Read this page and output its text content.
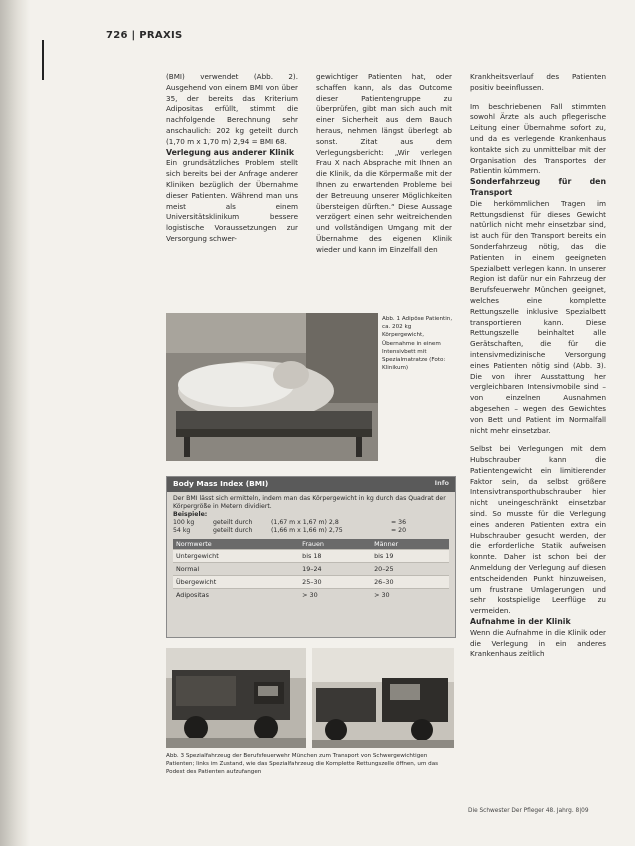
726 | PRAXIS

(BMI) verwendet (Abb. 2). Ausgehend von einem BMI von über 35, der bereits das Kriterium Adipositas erfüllt, stimmt die nachfolgende Berechnung sehr anschaulich: 202 kg geteilt durch (1,70 m x 1,70 m) 2,94 = BMI 68.

Verlegung aus anderer Klinik

Ein grundsätzliches Problem stellt sich bereits bei der Anfrage anderer Kliniken bezüglich der Übernahme dieser Patienten. Während man uns meist als einem Universitätsklinikum bessere logistische Voraussetzungen zur Versorgung schwer-

gewichtiger Patienten hat, oder schaffen kann, als das Outcome dieser Patientengruppe zu überprüfen, gibt man sich auch mit einer Sicherheit aus dem Bauch heraus, nehmen längst überlegt ab sonst. Zitat aus dem Verlegungsbericht: „Wir verlegen Frau X nach Absprache mit Ihnen an die Klinik, da die Körpermaße mit der Ihnen zu erwartenden Probleme bei der Betreuung unserer Möglichkeiten übersteigen dürften.“ Diese Aussage verzögert einen sehr weitreichenden und vollständigen Umgang mit der Übernahme des eigenen Klinik wieder und kann im Einzelfall den

Krankheitsverlauf des Patienten positiv beeinflussen.

Im beschriebenen Fall stimmten sowohl Ärzte als auch pflegerische Leitung einer Übernahme sofort zu, und da es verlegende Krankenhaus kontakte sich zu unmittelbar mit der Organisation des Transportes der Patientin kümmern.

Sonderfahrzeug für den Transport

Die herkömmlichen Tragen im Rettungsdienst für dieses Gewicht natürlich nicht mehr einsetzbar sind, ist auch für den Transport bereits ein Sonderfahrzeug nötig, das die Patienten in einem geeigneten Spezialbett verlegen kann. In unserer Region ist dafür nur ein Fahrzeug der Berufsfeuerwehr München geeignet, welches eine komplette Rettungszelle inklusive Spezialbett transportieren kann. Diese Rettungszelle beinhaltet alle Gerätschaften, die für die intensivmedizinische Versorgung eines Patienten nötig sind (Abb. 3). Die von ihrer Ausstattung her vergleichbaren Intensivmobile sind – von einzelnen Ausnahmen abgesehen – wegen des Gewichtes von Bett und Patient im Normalfall nicht mehr einsetzbar.

Selbst bei Verlegungen mit dem Hubschrauber kann die Patientengewicht ein limitierender Faktor sein, da selbst größere Intensivtransporthubschrauber hier nicht uneingeschränkt einsetzbar sind. So musste für die Verlegung eines anderen Patienten extra ein Hubschrauber gesucht werden, der die erforderliche Statik aufweisen konnte. Daher ist schon bei der Anmeldung der Verlegung auf diesen entscheidenden Punkt hinzuweisen, um frustrane Umlagerungen und sehr kostspielige Leerflüge zu vermeiden.

Aufnahme in der Klinik

Wenn die Aufnahme in die Klinik oder die Verlegung in ein anderes Krankenhaus zeitlich

Abb. 1 Adipöse Patientin, ca. 202 kg Körpergewicht, Übernahme in einem Intensivbett mit Spezialmatratze (Foto: Klinikum)
Body Mass Index (BMI)	Info
Der BMI lässt sich ermitteln, indem man das Körpergewicht in kg durch das Quadrat der Körpergröße in Metern dividiert.
Beispiele:
100 kg	geteilt durch	(1,67 m x 1,67 m) 2,8	= 36
54 kg	geteilt durch	(1,66 m x 1,66 m) 2,75	= 20
Normwerte	Frauen	Männer
Untergewicht	bis 18	bis 19
Normal	19–24	20–25
Übergewicht	25–30	26–30
Adipositas	> 30	> 30
Abb. 3 Spezialfahrzeug der Berufsfeuerwehr München zum Transport von Schwergewichtigen Patienten; links im Zustand, wie das Spezialfahrzeug die Komplette Rettungszelle öffnen, um das Podest des Patienten aufzufangen
Die Schwester Der Pfleger 48. Jahrg. 8|09
